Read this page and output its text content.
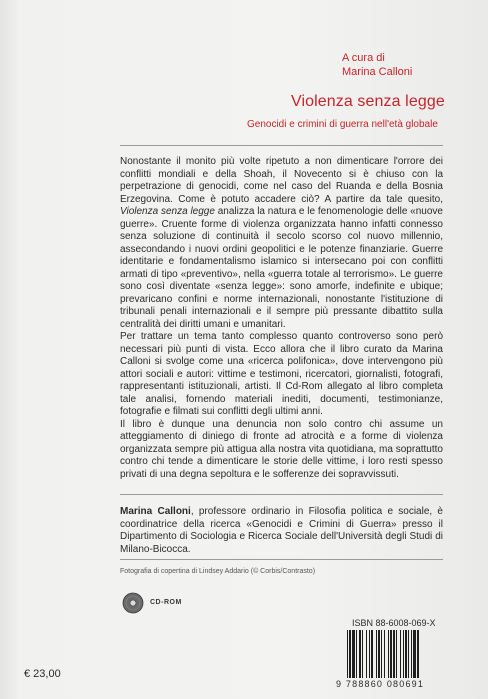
A cura di
Marina Calloni
Violenza senza legge
Genocidi e crimini di guerra nell'età globale

Nonostante il monito più volte ripetuto a non dimenticare l'orrore dei conflitti mondiali e della Shoah, il Novecento si è chiuso con la perpetrazione di genocidi, come nel caso del Ruanda e della Bosnia Erzegovina. Come è potuto accadere ciò? A partire da tale quesito, Violenza senza legge analizza la natura e le fenomenologie delle «nuove guerre». Cruente forme di violenza organizzata hanno infatti connesso senza soluzione di continuità il secolo scorso col nuovo millennio, assecondando i nuovi ordini geopolitici e le potenze finanziarie. Guerre identitarie e fondamentalismo islamico si intersecano poi con conflitti armati di tipo «preventivo», nella «guerra totale al terrorismo». Le guerre sono così diventate «senza legge»: sono amorfe, indefinite e ubique; prevaricano confini e norme internazionali, nonostante l'istituzione di tribunali penali internazionali e il sempre più pressante dibattito sulla centralità dei diritti umani e umanitari.

Per trattare un tema tanto complesso quanto controverso sono però necessari più punti di vista. Ecco allora che il libro curato da Marina Calloni si svolge come una «ricerca polifonica», dove intervengono più attori sociali e autori: vittime e testimoni, ricercatori, giornalisti, fotografi, rappresentanti istituzionali, artisti. Il Cd-Rom allegato al libro completa tale analisi, fornendo materiali inediti, documenti, testimonianze, fotografie e filmati sui conflitti degli ultimi anni.

Il libro è dunque una denuncia non solo contro chi assume un atteggiamento di diniego di fronte ad atrocità e a forme di violenza organizzata sempre più attigua alla nostra vita quotidiana, ma soprattutto contro chi tende a dimenticare le storie delle vittime, i loro resti spesso privati di una degna sepoltura e le sofferenze dei sopravvissuti.

Marina Calloni, professore ordinario in Filosofia politica e sociale, è coordinatrice della ricerca «Genocidi e Crimini di Guerra» presso il Dipartimento di Sociologia e Ricerca Sociale dell'Università degli Studi di Milano-Bicocca.
Fotografia di copertina di Lindsey Addario (© Corbis/Contrasto)
CD-ROM
ISBN 88-6008-069-X
9 788860 080691
€ 23,00
